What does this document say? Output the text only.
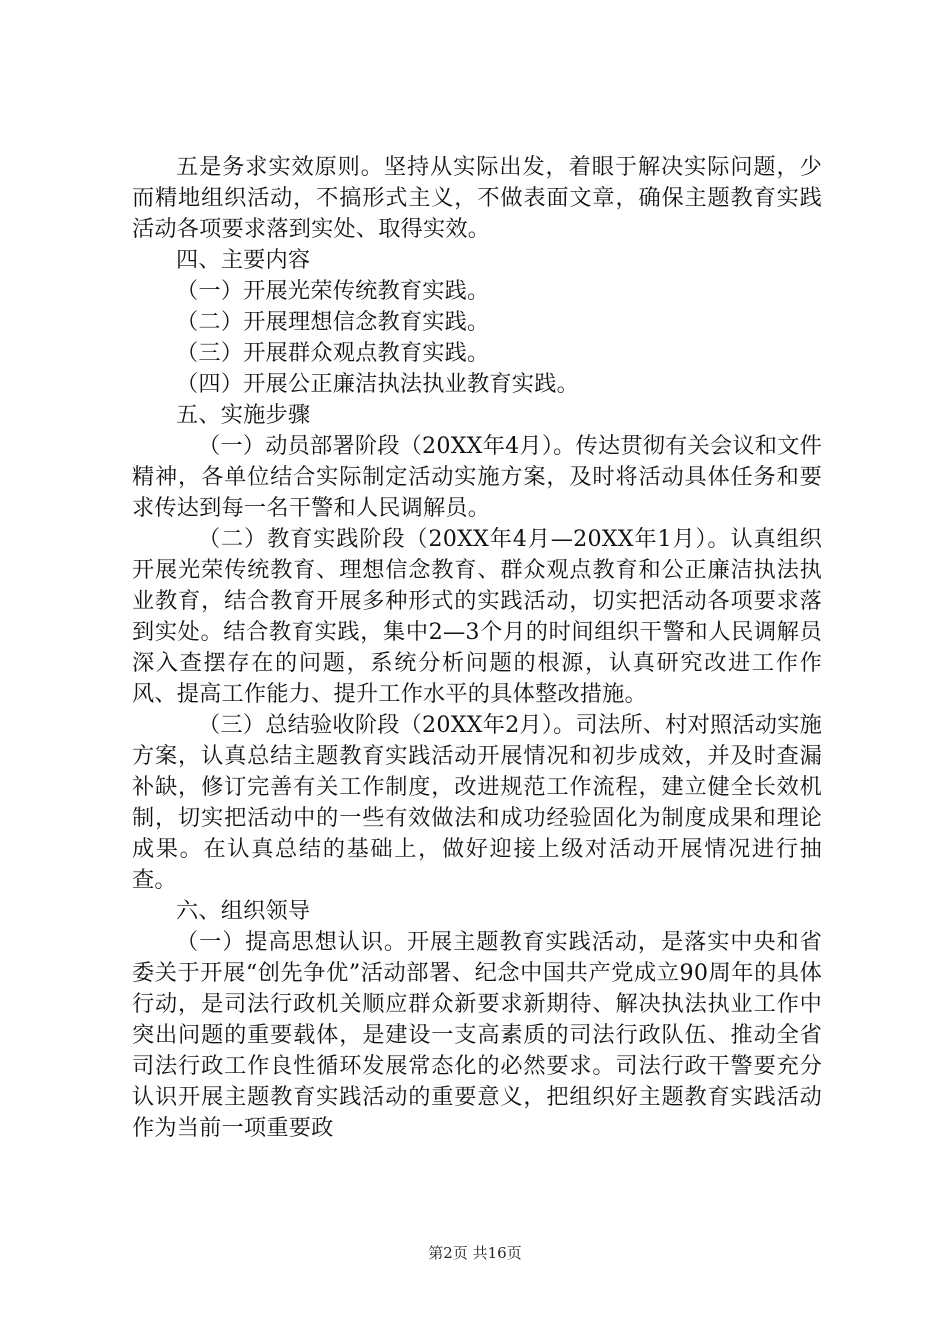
五是务求实效原则。坚持从实际出发，着眼于解决实际问题，少而精地组织活动，不搞形式主义，不做表面文章，确保主题教育实践活动各项要求落到实处、取得实效。

四、主要内容

（一）开展光荣传统教育实践。

（二）开展理想信念教育实践。

（三）开展群众观点教育实践。

（四）开展公正廉洁执法执业教育实践。

五、实施步骤

（一）动员部署阶段（20XX年4月）。传达贯彻有关会议和文件精神，各单位结合实际制定活动实施方案，及时将活动具体任务和要求传达到每一名干警和人民调解员。

（二）教育实践阶段（20XX年4月—20XX年1月）。认真组织开展光荣传统教育、理想信念教育、群众观点教育和公正廉洁执法执业教育，结合教育开展多种形式的实践活动，切实把活动各项要求落到实处。结合教育实践，集中2—3个月的时间组织干警和人民调解员深入查摆存在的问题，系统分析问题的根源，认真研究改进工作作风、提高工作能力、提升工作水平的具体整改措施。

（三）总结验收阶段（20XX年2月）。司法所、村对照活动实施方案，认真总结主题教育实践活动开展情况和初步成效，并及时查漏补缺，修订完善有关工作制度，改进规范工作流程，建立健全长效机制，切实把活动中的一些有效做法和成功经验固化为制度成果和理论成果。在认真总结的基础上，做好迎接上级对活动开展情况进行抽查。

六、组织领导

（一）提高思想认识。开展主题教育实践活动，是落实中央和省委关于开展“创先争优”活动部署、纪念中国共产党成立90周年的具体行动，是司法行政机关顺应群众新要求新期待、解决执法执业工作中突出问题的重要载体，是建设一支高素质的司法行政队伍、推动全省司法行政工作良性循环发展常态化的必然要求。司法行政干警要充分认识开展主题教育实践活动的重要意义，把组织好主题教育实践活动作为当前一项重要政

第2页 共16页
